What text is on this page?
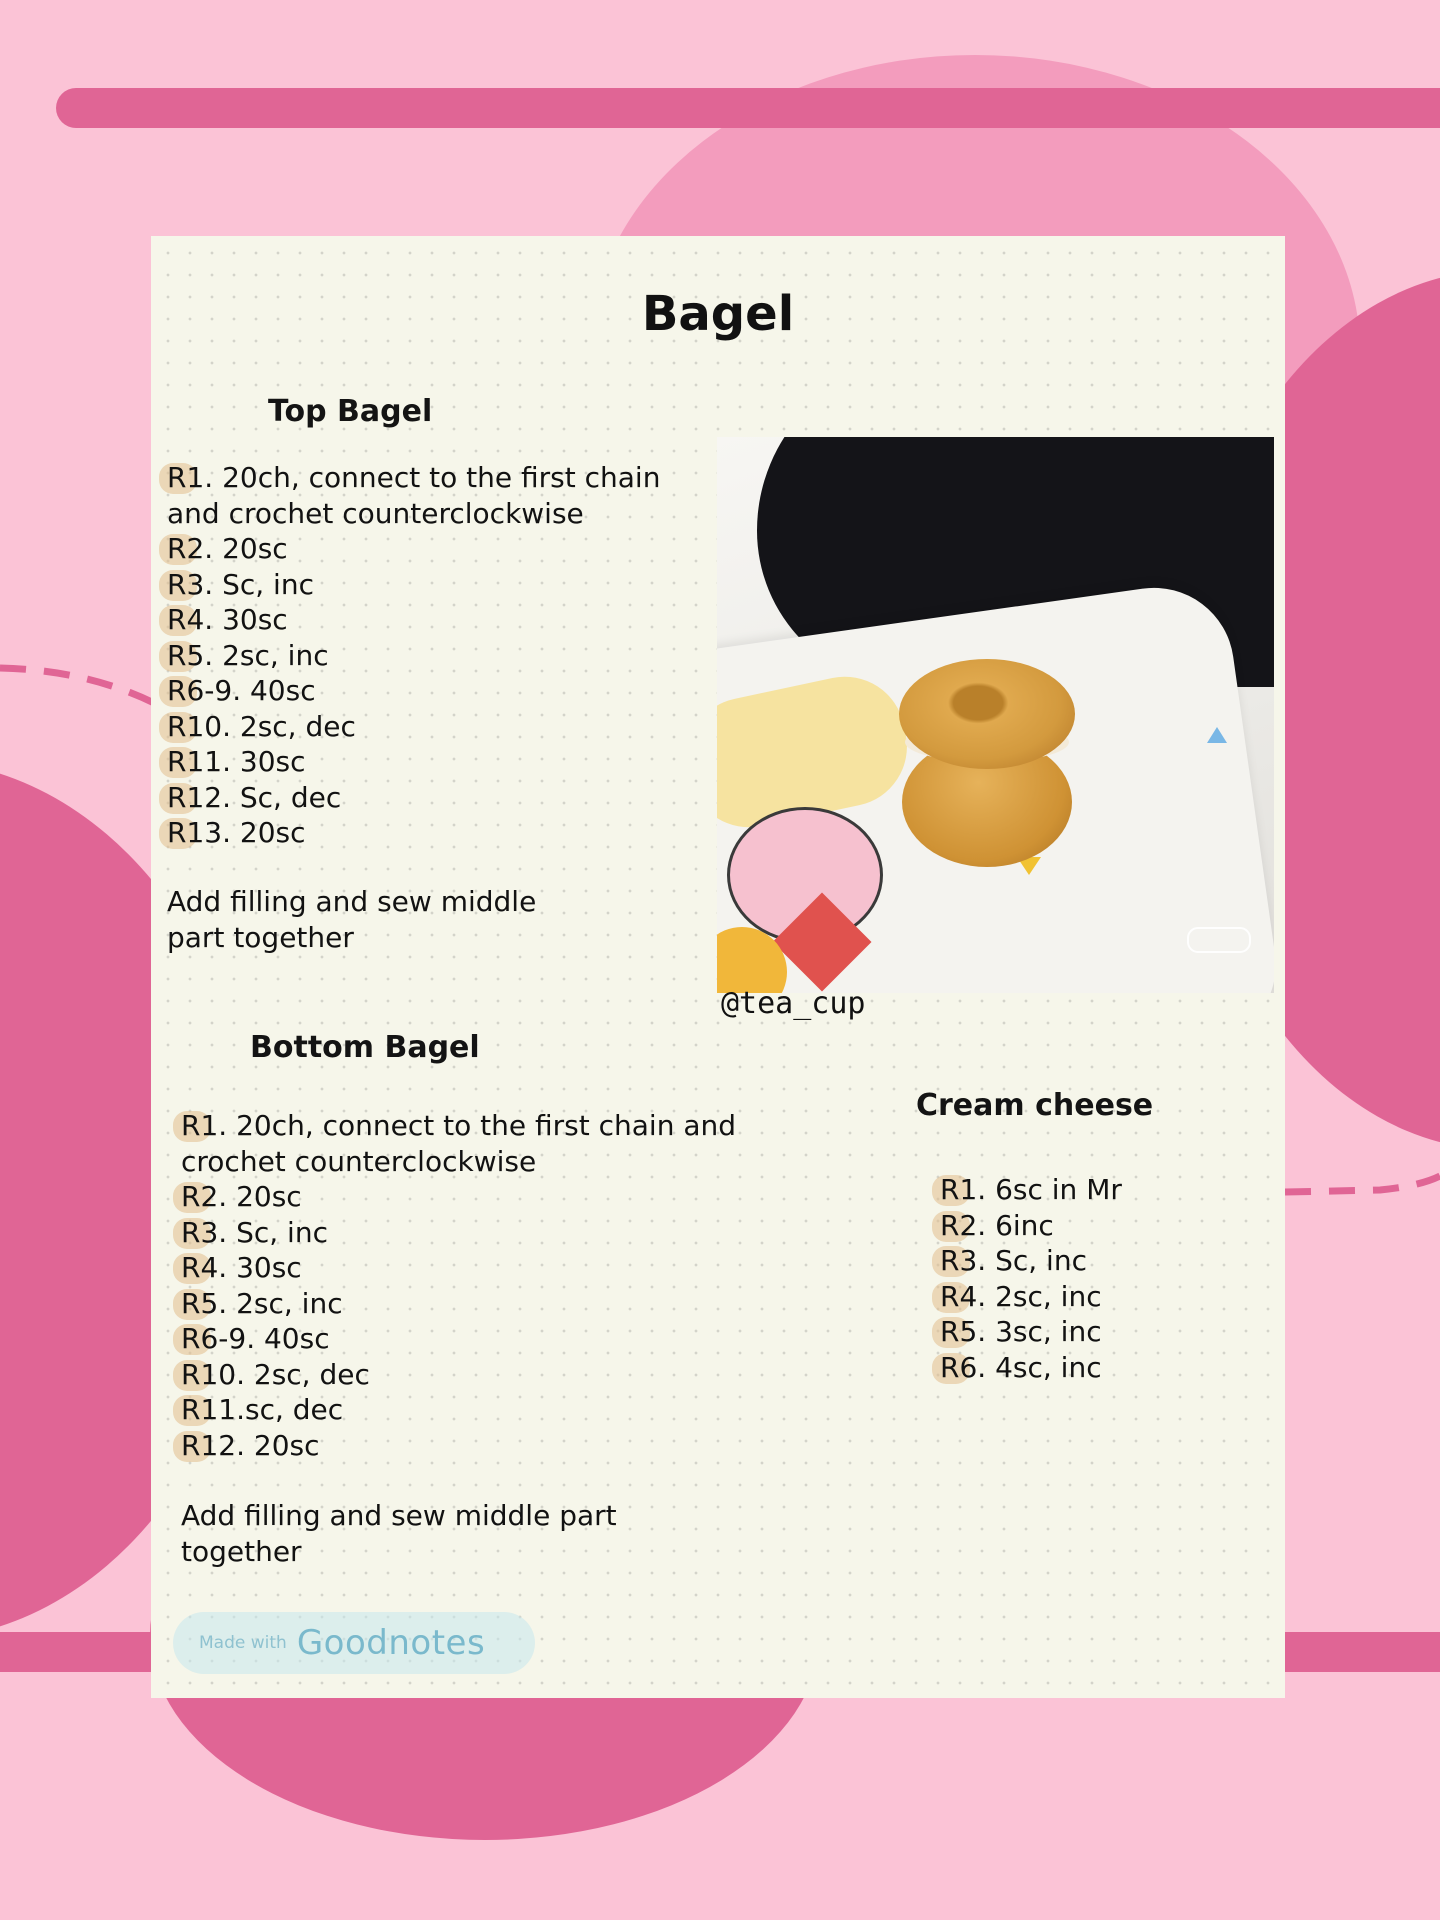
Bagel
Top Bagel
R1. 20ch, connect to the first chain and crochet counterclockwise
R2. 20sc
R3. Sc, inc
R4. 30sc
R5. 2sc, inc
R6-9. 40sc
R10. 2sc, dec
R11. 30sc
R12. Sc, dec
R13. 20sc

Add filling and sew middle part together

@tea_cup

Bottom Bagel
R1. 20ch, connect to the first chain and crochet counterclockwise
R2. 20sc
R3. Sc, inc
R4. 30sc
R5. 2sc, inc
R6-9. 40sc
R10. 2sc, dec
R11.sc, dec
R12. 20sc

Add filling and sew middle part together

Cream cheese
R1. 6sc in Mr
R2. 6inc
R3. Sc, inc
R4. 2sc, inc
R5. 3sc, inc
R6. 4sc, inc
Made with Goodnotes
